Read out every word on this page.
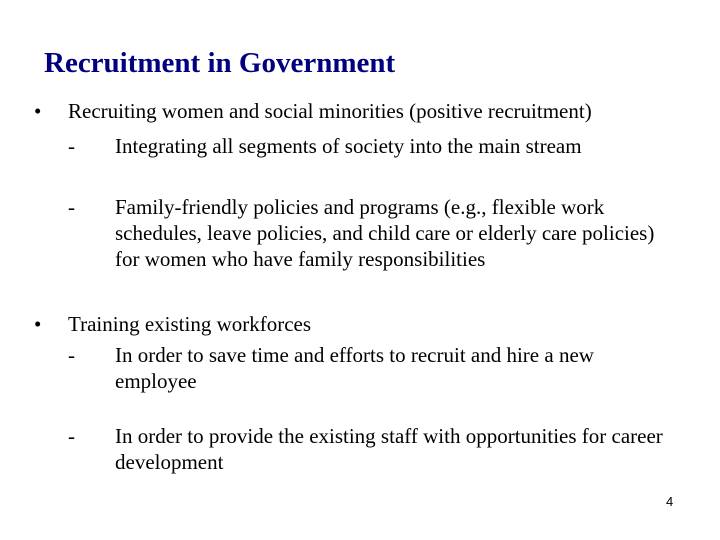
Recruitment in Government
• Recruiting women and social minorities (positive recruitment)
- Integrating all segments of society into the main stream
- Family-friendly policies and programs (e.g., flexible work schedules, leave policies, and child care or elderly care policies) for women who have family responsibilities
• Training existing workforces
- In order to save time and efforts to recruit and hire a new employee
- In order to provide the existing staff with opportunities for career development
4
